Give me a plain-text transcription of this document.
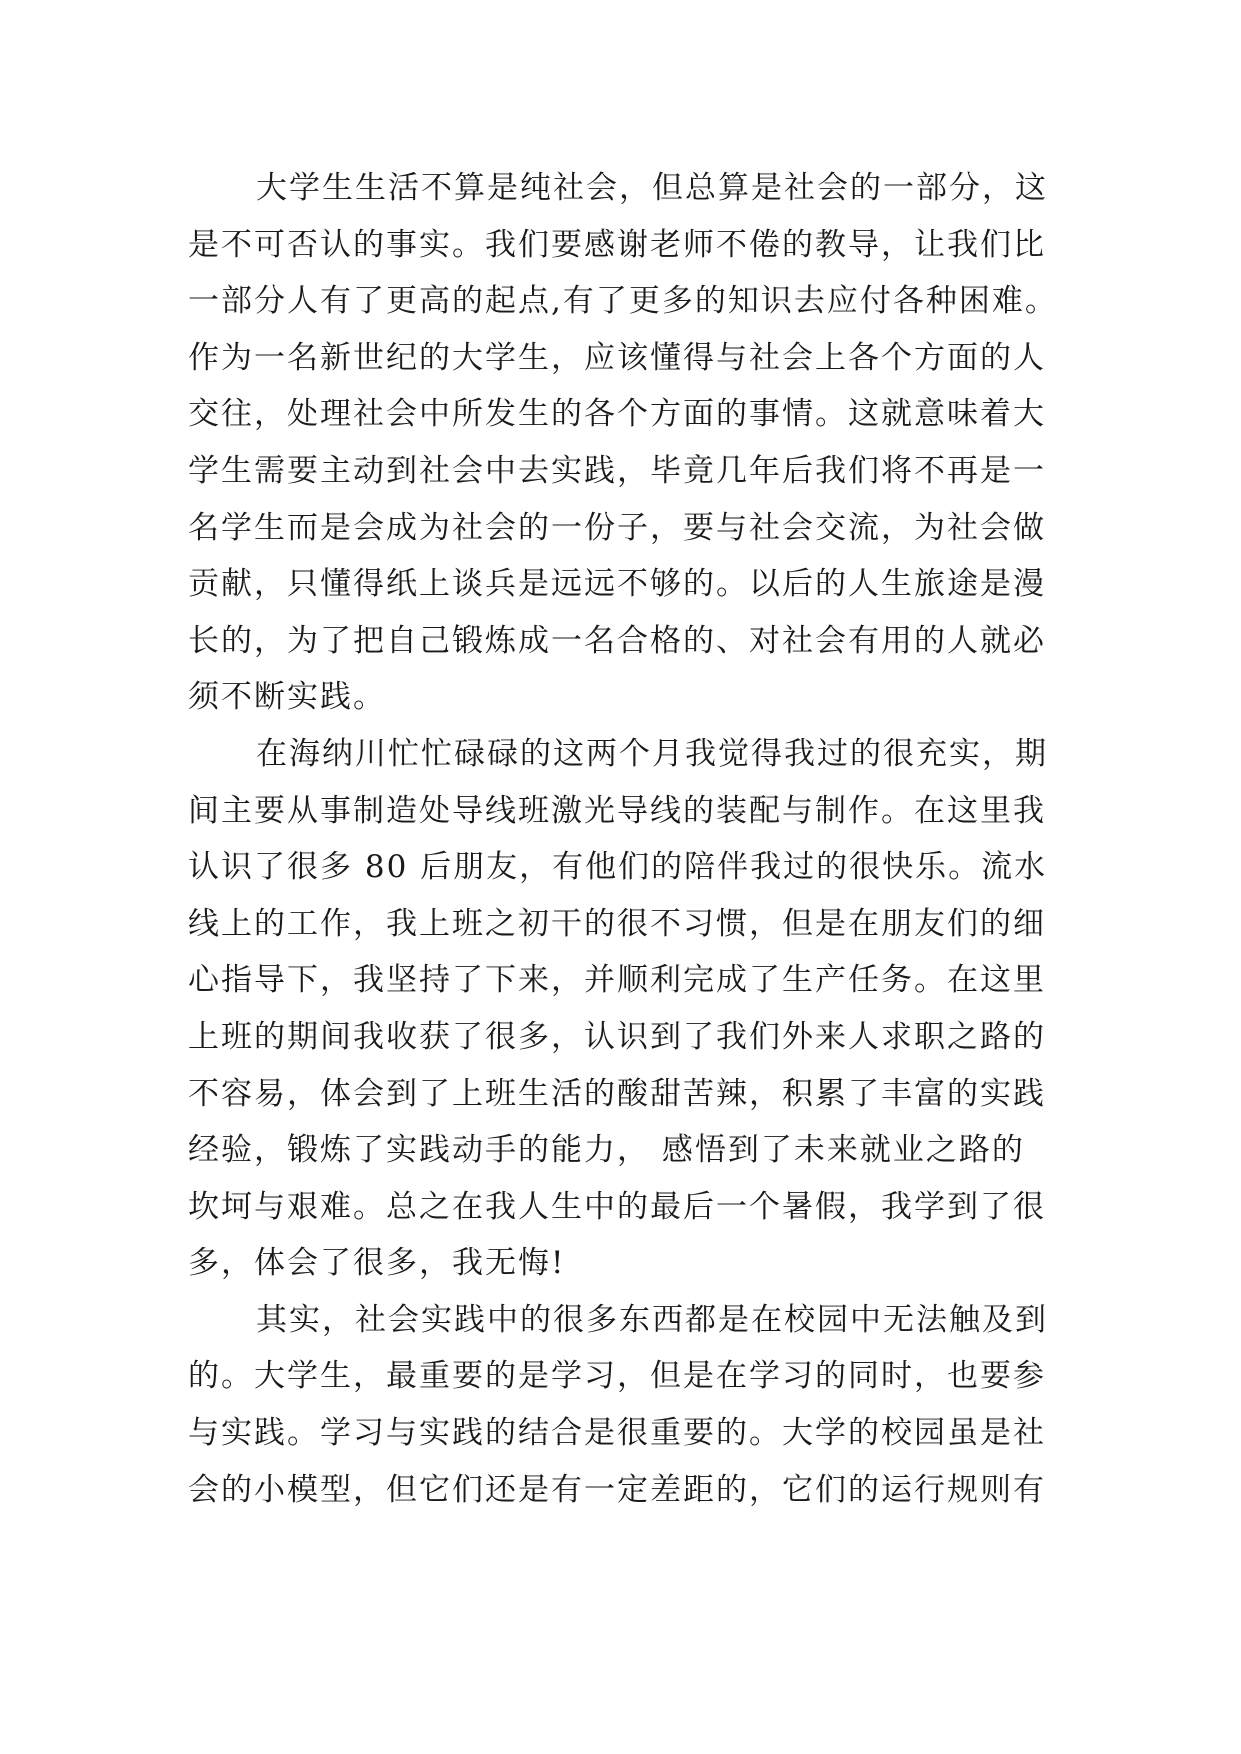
大学生生活不算是纯社会，但总算是社会的一部分，这
是不可否认的事实。我们要感谢老师不倦的教导，让我们比
一部分人有了更高的起点,有了更多的知识去应付各种困难。
作为一名新世纪的大学生，应该懂得与社会上各个方面的人
交往，处理社会中所发生的各个方面的事情。这就意味着大
学生需要主动到社会中去实践，毕竟几年后我们将不再是一
名学生而是会成为社会的一份子，要与社会交流，为社会做
贡献，只懂得纸上谈兵是远远不够的。以后的人生旅途是漫
长的，为了把自己锻炼成一名合格的、对社会有用的人就必
须不断实践。
在海纳川忙忙碌碌的这两个月我觉得我过的很充实，期
间主要从事制造处导线班激光导线的装配与制作。在这里我
认识了很多 80 后朋友，有他们的陪伴我过的很快乐。流水
线上的工作，我上班之初干的很不习惯，但是在朋友们的细
心指导下，我坚持了下来，并顺利完成了生产任务。在这里
上班的期间我收获了很多，认识到了我们外来人求职之路的
不容易，体会到了上班生活的酸甜苦辣，积累了丰富的实践
经验，锻炼了实践动手的能力， 感悟到了未来就业之路的
坎坷与艰难。总之在我人生中的最后一个暑假，我学到了很
多，体会了很多，我无悔!
其实，社会实践中的很多东西都是在校园中无法触及到
的。大学生，最重要的是学习，但是在学习的同时，也要参
与实践。学习与实践的结合是很重要的。大学的校园虽是社
会的小模型，但它们还是有一定差距的，它们的运行规则有
